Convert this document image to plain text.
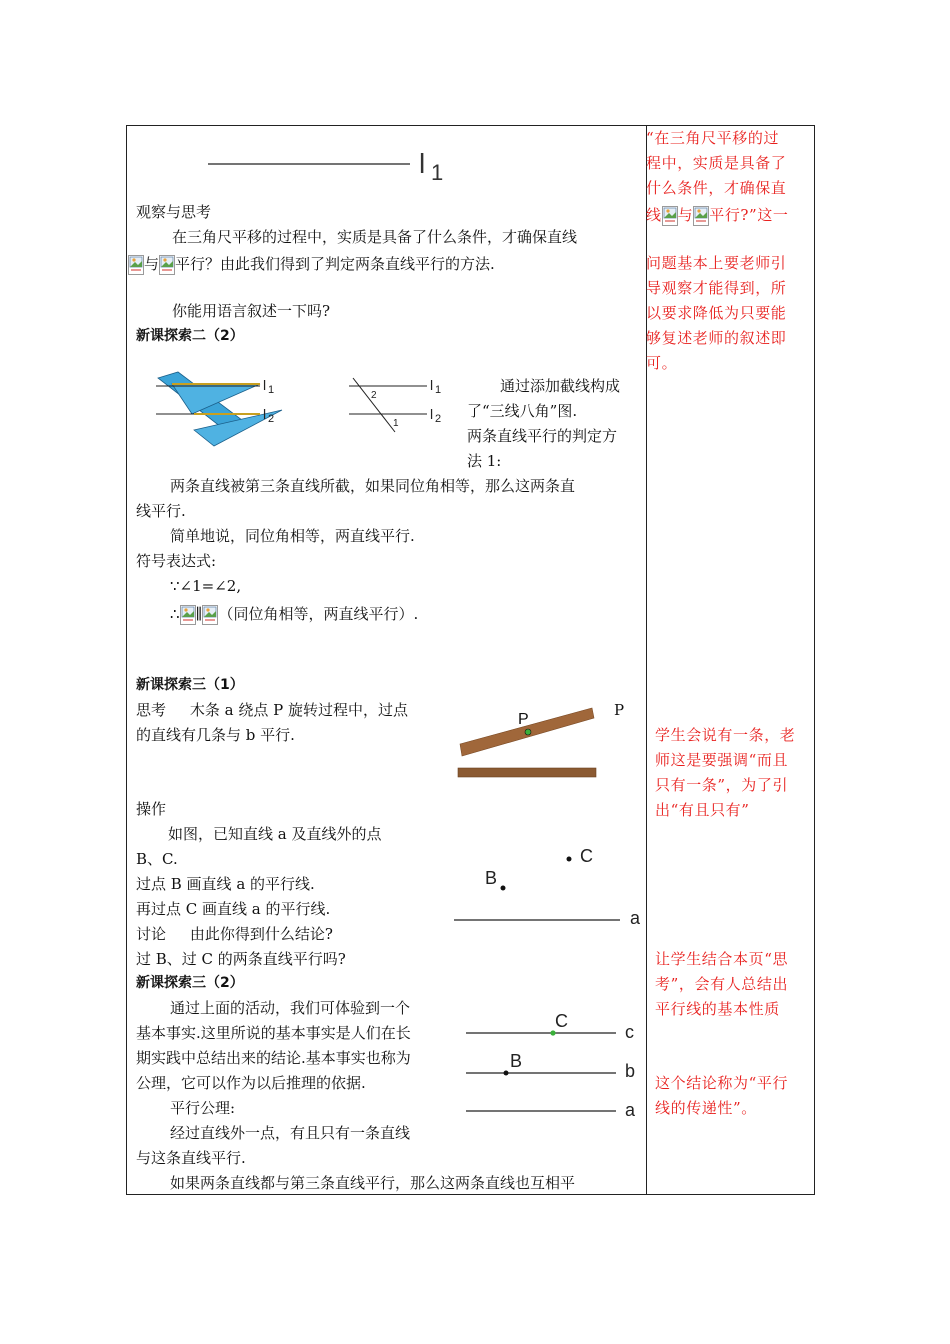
l 1
观察与思考
在三角尺平移的过程中，实质是具备了什么条件，才确保直线
与 平行？由此我们得到了判定两条直线平行的方法.
你能用语言叙述一下吗?
新课探索二（2）
l 1
l 2
2
1
l 1
l 2
通过添加截线构成
了“三线八角”图.
两条直线平行的判定方
法 1:
两条直线被第三条直线所截，如果同位角相等，那么这两条直
线平行.
简单地说，同位角相等，两直线平行.
符号表达式:
∵∠1=∠2,
∴ ∥ （同位角相等，两直线平行）.
新课探索三（1）
思考 木条 a 绕点 P 旋转过程中，过点
的直线有几条与 b 平行.
P
P
操作
如图，已知直线 a 及直线外的点
B、C.
过点 B 画直线 a 的平行线.
再过点 C 画直线 a 的平行线.
讨论 由此你得到什么结论?
过 B、过 C 的两条直线平行吗?
B
C
a
新课探索三（2）
通过上面的活动，我们可体验到一个
基本事实.这里所说的基本事实是人们在长
期实践中总结出来的结论.基本事实也称为
公理，它可以作为以后推理的依据.
平行公理:
经过直线外一点，有且只有一条直线
与这条直线平行.
如果两条直线都与第三条直线平行，那么这两条直线也互相平
C
B
c
b
a
“在三角尺平移的过
程中，实质是具备了
什么条件，才确保直
线 与 平行?”这一
问题基本上要老师引
导观察才能得到，所
以要求降低为只要能
够复述老师的叙述即
可。
学生会说有一条，老
师这是要强调“而且
只有一条”，为了引
出“有且只有”
让学生结合本页“思
考”，会有人总结出
平行线的基本性质
这个结论称为“平行
线的传递性”。
